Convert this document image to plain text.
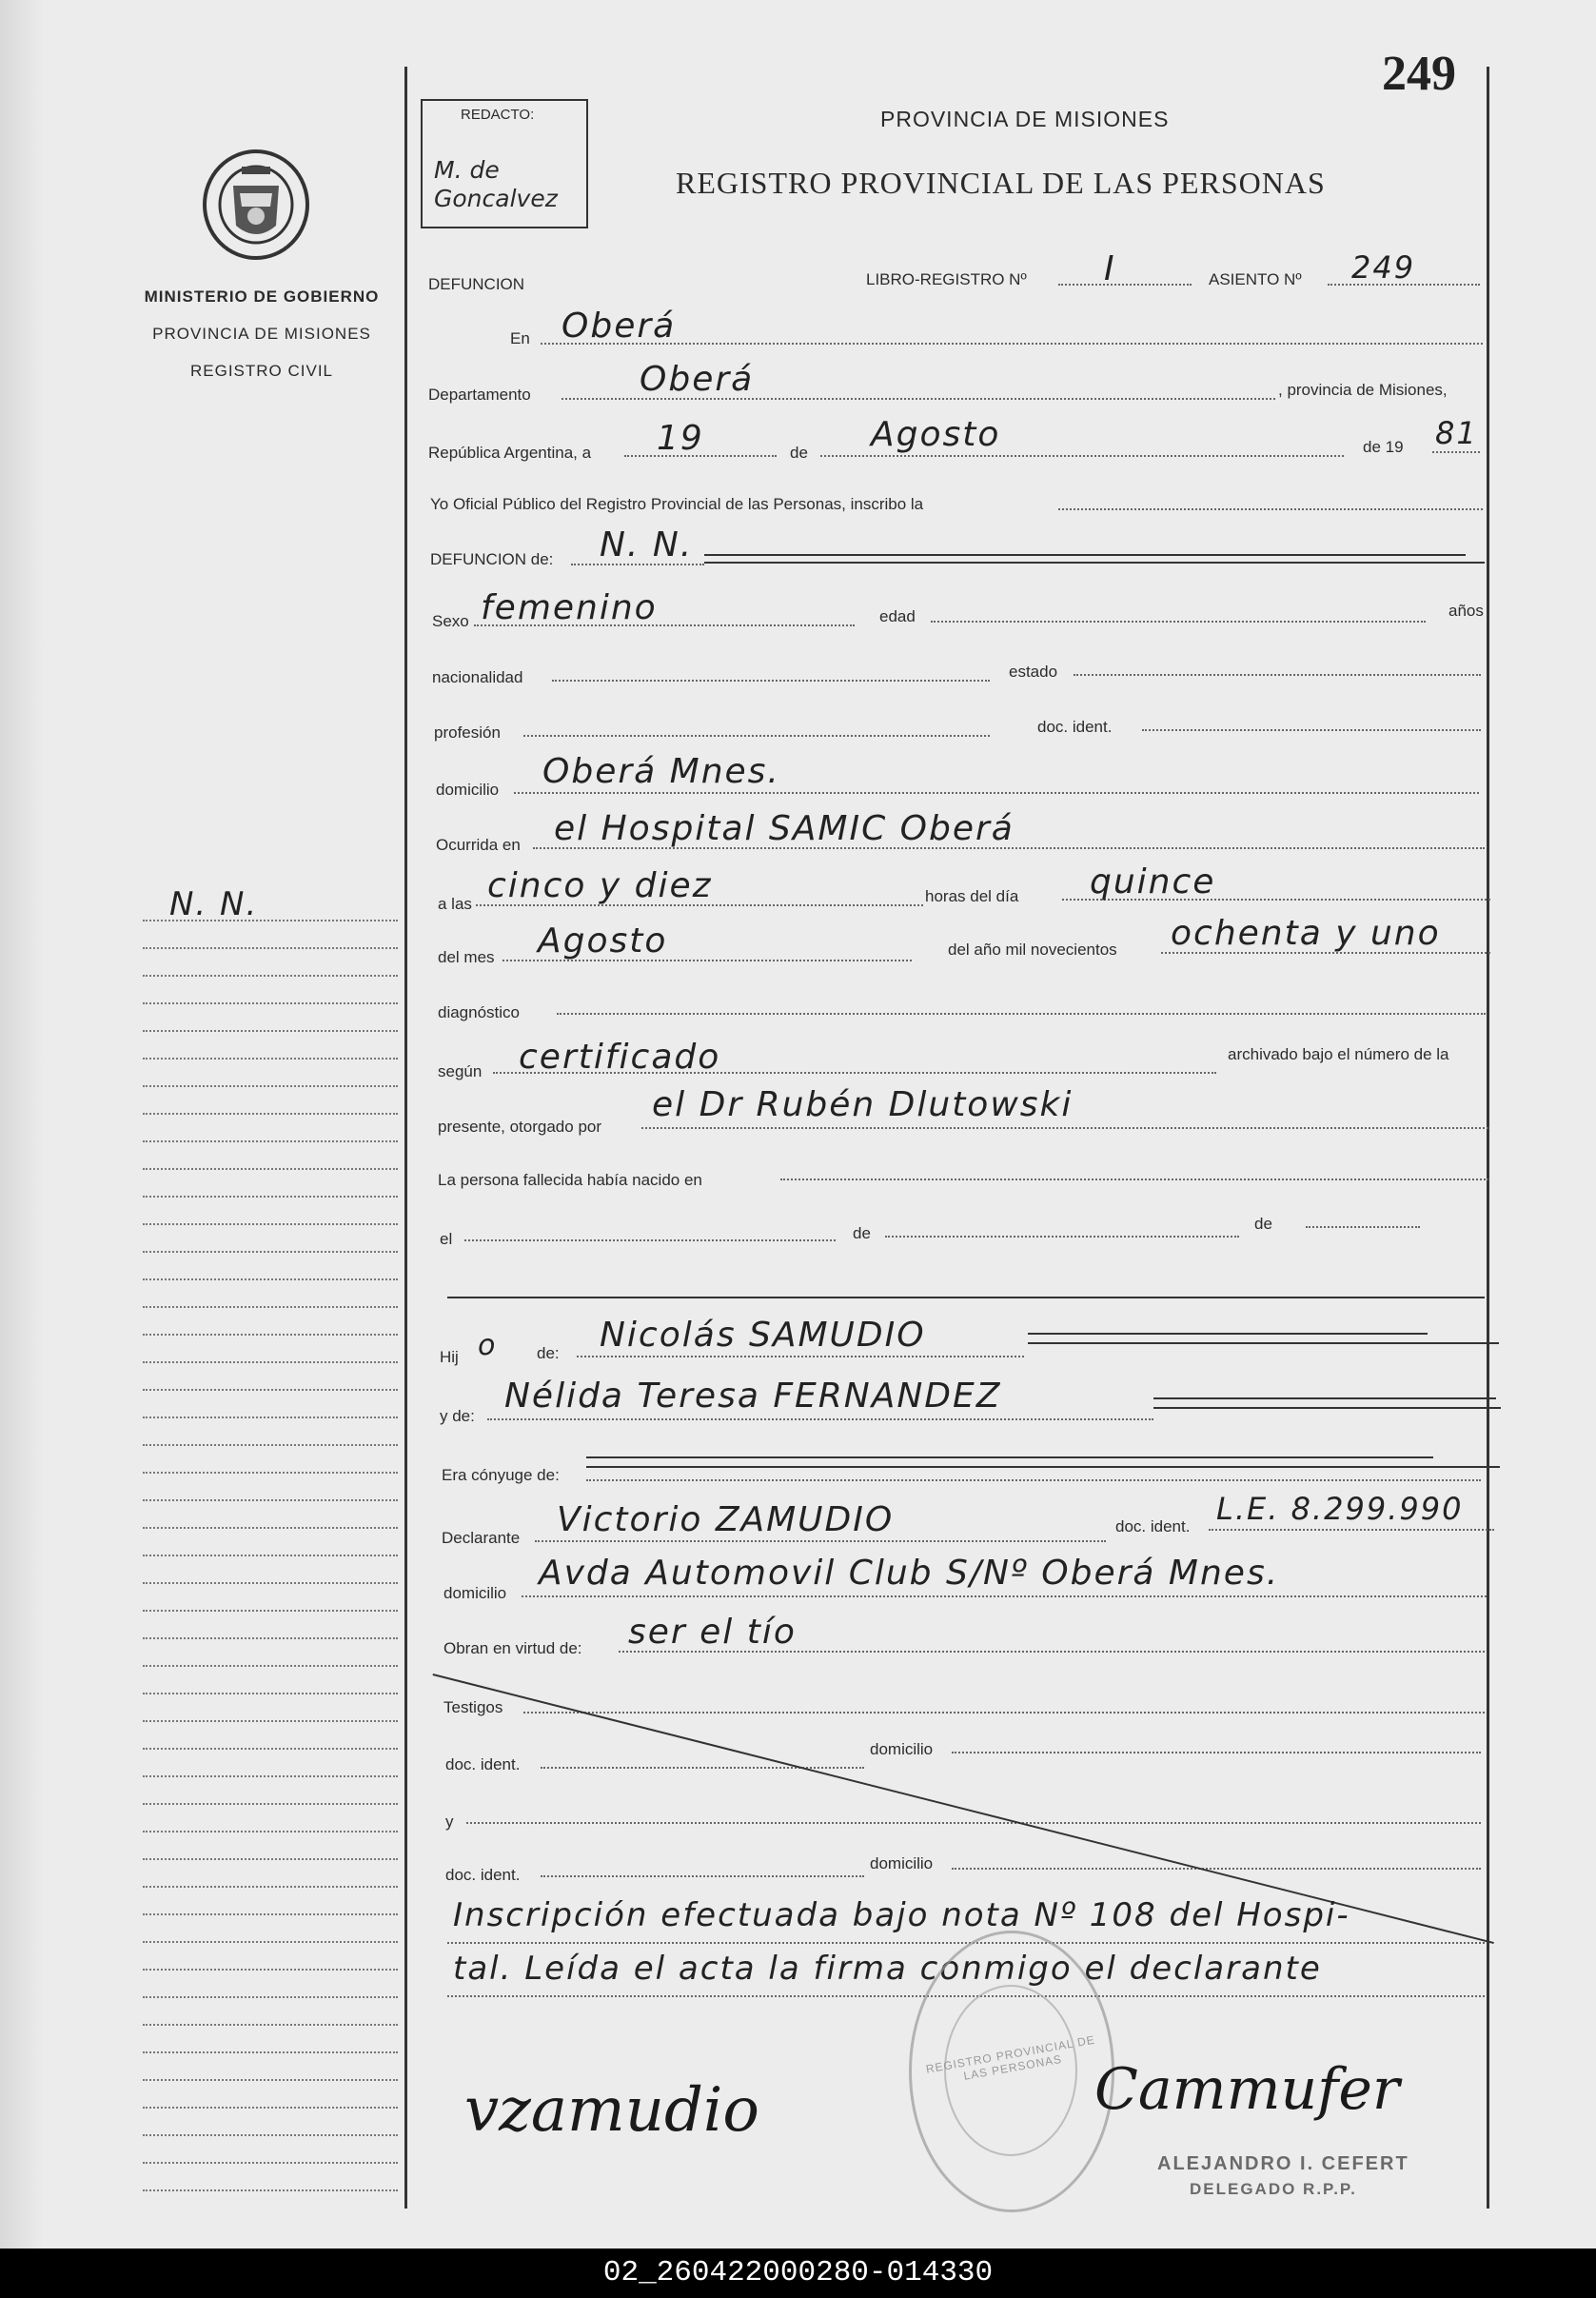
249
REDACTO:
M. de Goncalvez
PROVINCIA DE MISIONES
REGISTRO PROVINCIAL DE LAS PERSONAS
MINISTERIO DE GOBIERNO
PROVINCIA DE MISIONES
REGISTRO CIVIL
N. N.
DEFUNCION	LIBRO-REGISTRO Nº I	ASIENTO Nº 249
En Oberá
Departamento	Oberá	, provincia de Misiones,
República Argentina, a 19	de Agosto	de 19 81
Yo Oficial Público del Registro Provincial de las Personas, inscribo la
DEFUNCION de: N. N.
Sexo femenino	edad	años
nacionalidad	estado
profesión	doc. ident.
domicilio Oberá Mnes.
Ocurrida en el Hospital SAMIC Oberá
a las cinco y diez	horas del día quince
del mes Agosto	del año mil novecientos ochenta y uno
diagnóstico
según certificado	archivado bajo el número de la
presente, otorgado por
el Dr Rubén Dlutowski
La persona fallecida había nacido en
el	de
de
Hij o de: Nicolás SAMUDIO
y de:
Nélida Teresa FERNANDEZ
Era cónyuge de:
Declarante Victorio ZAMUDIO	doc. ident. L.E. 8.299.990
domicilio
Avda Automovil Club S/Nº Oberá Mnes.
Obran en virtud de: ser el tío
Testigos
doc. ident.
domicilio
y
doc. ident.
domicilio
Inscripción efectuada bajo nota Nº 108 del Hospi-
tal. Leída el acta la firma conmigo el declarante
REGISTRO PROVINCIAL DE LAS PERSONAS
vzamudio	Cammufer
ALEJANDRO I. CEFERT
DELEGADO R.P.P.
02_260422000280-014330
